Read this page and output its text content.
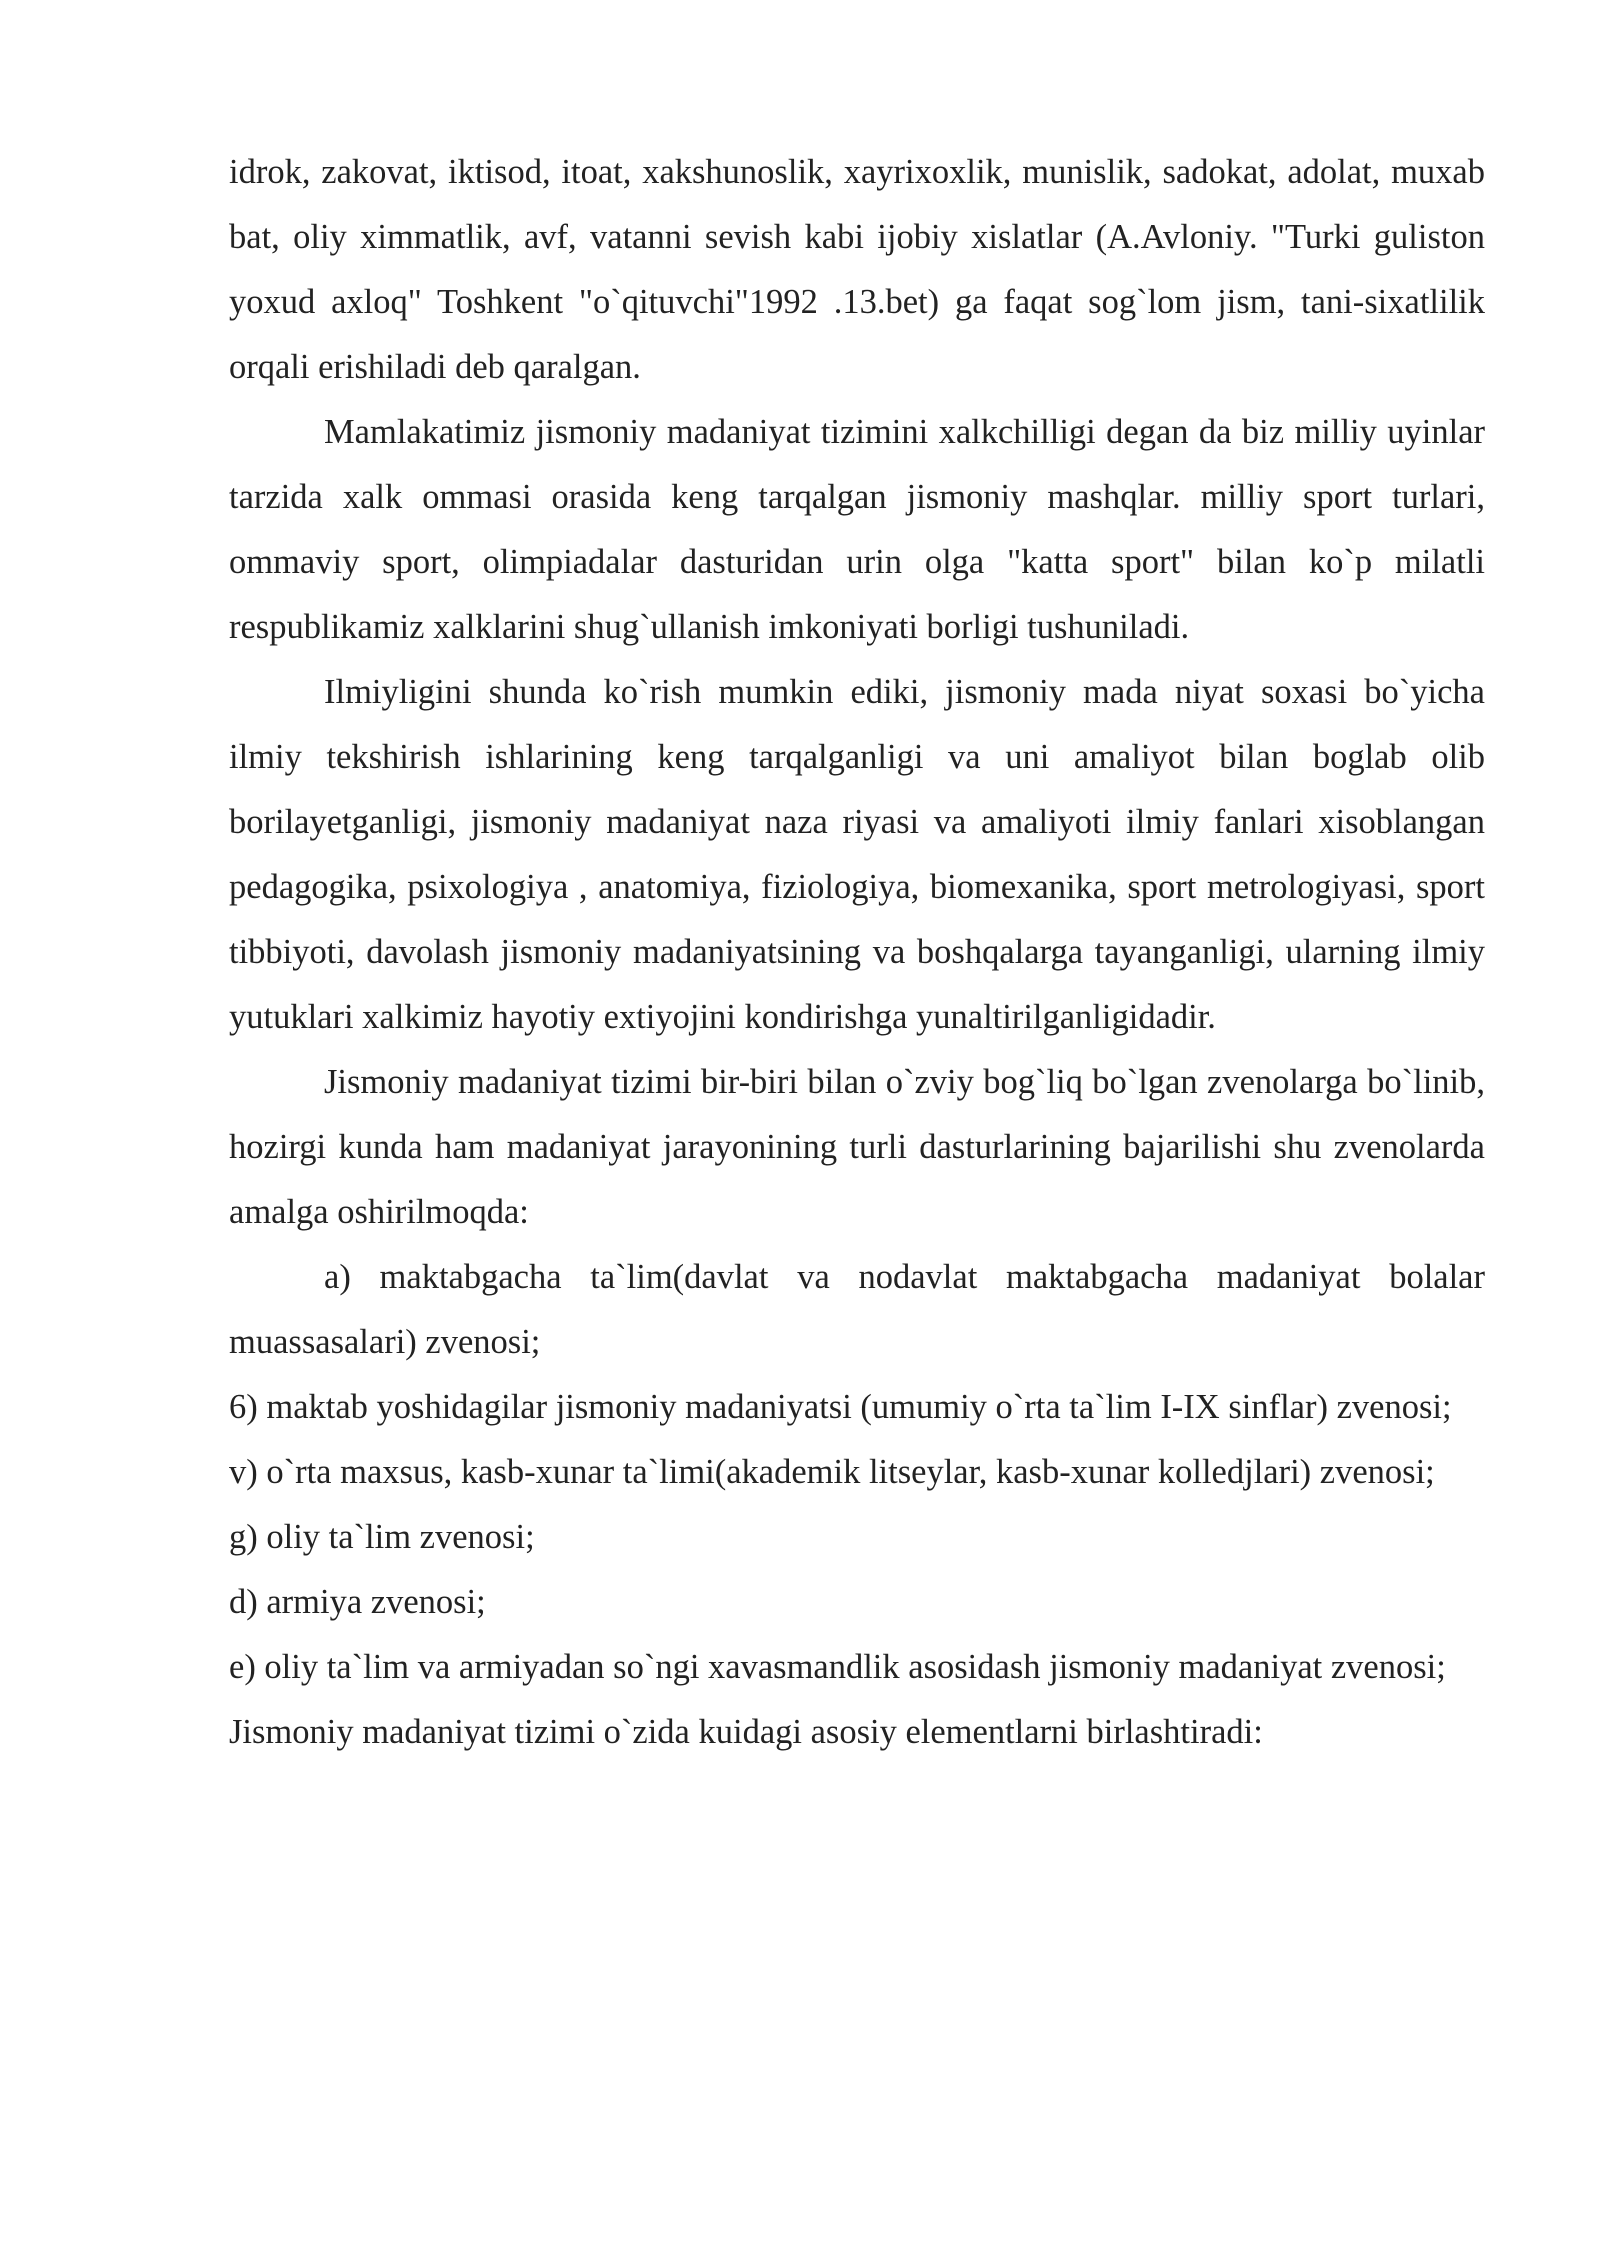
idrok, zakovat, iktisod, itoat, xakshunoslik, xayrixoxlik, munislik, sadokat, adolat, muxab bat, oliy ximmatlik, avf, vatanni sevish kabi ijobiy xislatlar (A.Avloniy. "Turki guliston yoxud axloq" Toshkent "o`qituvchi"1992 .13.bet) ga faqat sog`lom jism, tani-sixatlilik orqali erishiladi deb qaralgan.

Mamlakatimiz jismoniy madaniyat tizimini xalkchilligi degan da biz milliy uyinlar tarzida xalk ommasi orasida keng tarqalgan jismoniy mashqlar. milliy sport turlari, ommaviy sport, olimpiadalar dasturidan urin olga "katta sport" bilan ko`p milatli respublikamiz xalklarini shug`ullanish imkoniyati borligi tushuniladi.

Ilmiyligini shunda ko`rish mumkin ediki, jismoniy mada niyat soxasi bo`yicha ilmiy tekshirish ishlarining keng tarqalganligi va uni amaliyot bilan boglab olib borilayetganligi, jismoniy madaniyat naza riyasi va amaliyoti ilmiy fanlari xisoblangan pedagogika, psixologiya , anatomiya, fiziologiya, biomexanika, sport metrologiyasi, sport tibbiyoti, davolash jismoniy madaniyatsining va boshqalarga tayanganligi, ularning ilmiy yutuklari xalkimiz hayotiy extiyojini kondirishga yunaltirilganligidadir.

Jismoniy madaniyat tizimi bir-biri bilan o`zviy bog`liq bo`lgan zvenolarga bo`linib, hozirgi kunda ham madaniyat jarayonining turli dasturlarining bajarilishi shu zvenolarda amalga oshirilmoqda:

a) maktabgacha ta`lim(davlat va nodavlat maktabgacha madaniyat bolalar muassasalari) zvenosi;

6) maktab yoshidagilar jismoniy madaniyatsi (umumiy o`rta ta`lim I-IX sinflar) zvenosi;

v) o`rta maxsus, kasb-xunar ta`limi(akademik litseylar, kasb-xunar kolledjlari) zvenosi;

g) oliy ta`lim zvenosi;

d) armiya zvenosi;

e) oliy ta`lim va armiyadan so`ngi xavasmandlik asosidash jismoniy madaniyat zvenosi;

Jismoniy madaniyat tizimi o`zida kuidagi asosiy elementlarni birlashtiradi:
